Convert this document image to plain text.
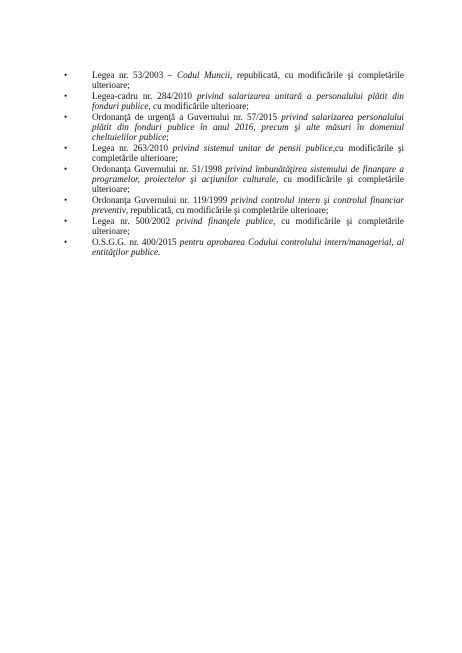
•	Legea nr. 53/2003 – Codul Muncii, republicată, cu modificările şi completările ulterioare;
•	Legea-cadru nr. 284/2010 privind salarizarea unitară a personalului plătit din fonduri publice, cu modificările ulterioare;
•	Ordonanţă de urgenţă a Guvernului nr. 57/2015 privind salarizarea personalului plătit din fonduri publice în anul 2016, precum şi alte măsuri în domeniul cheltuielilor publice;
•	Legea nr. 263/2010 privind sistemul unitar de pensii publice,cu modificările şi completările ulterioare;
•	Ordonanţa Guvernului nr. 51/1998 privind îmbunătăţirea sistemului de finanţare a programelor, proiectelor şi acţiunilor culturale, cu modificările şi completările ulterioare;
•	Ordonanţa Guvernului nr. 119/1999 privind controlul intern şi controlul financiar preventiv, republicată, cu modificările şi completările ulterioare;
•	Legea nr. 500/2002 privind finanţele publice, cu modificările şi completările ulterioare;
•	O.S.G.G. nr. 400/2015 pentru aprobarea Codului controlului intern/managerial, al entităţilor publice.
